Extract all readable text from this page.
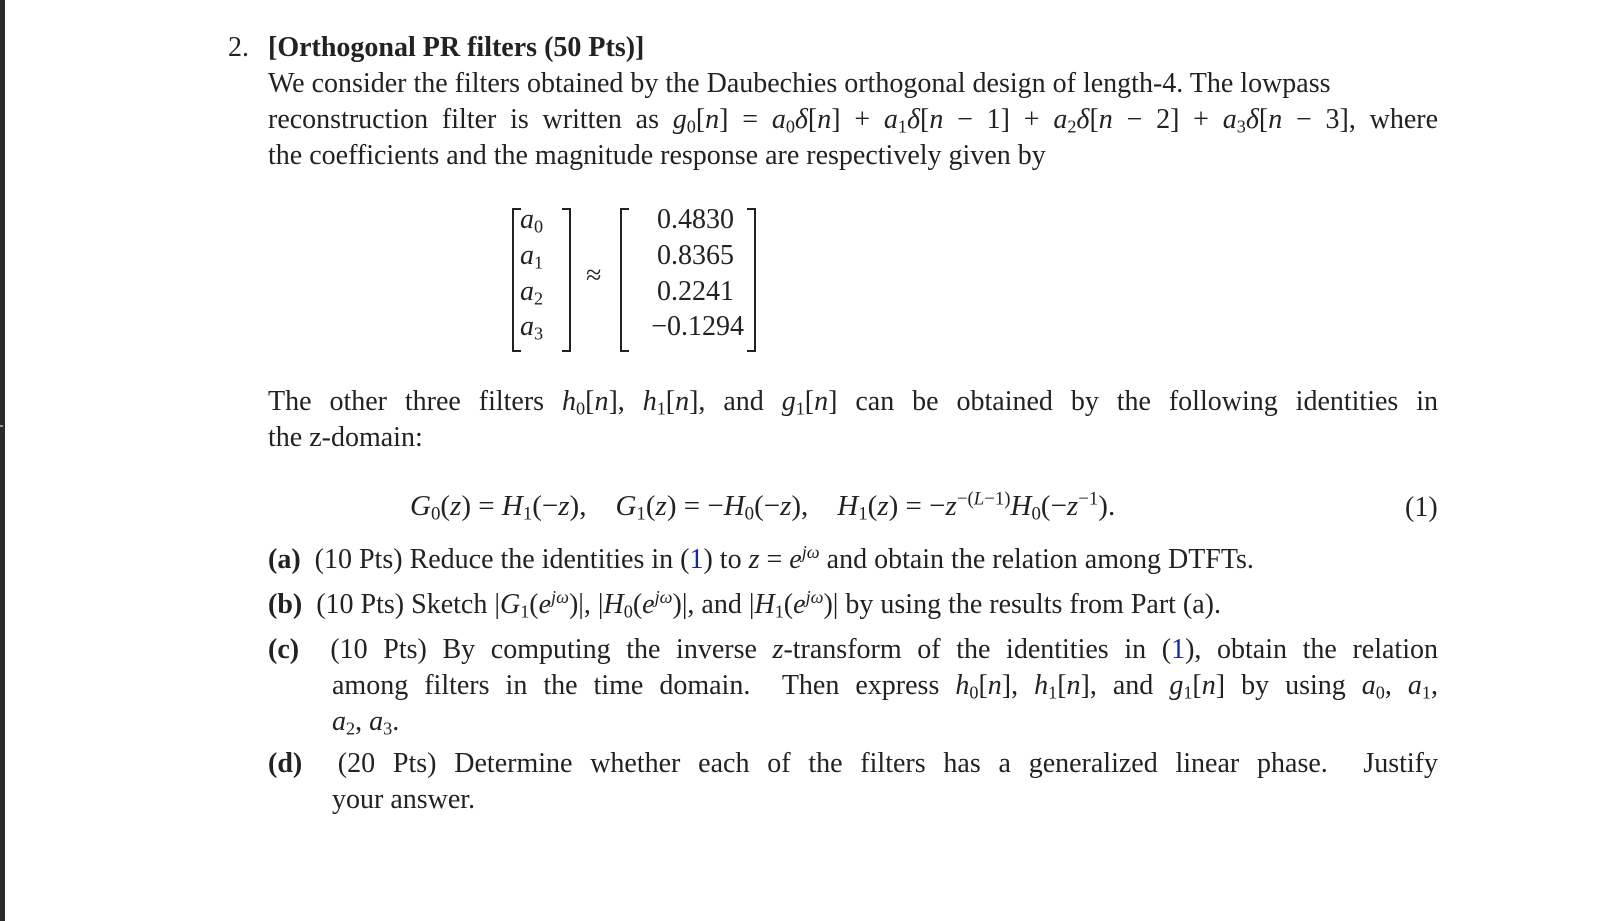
2. [Orthogonal PR filters (50 Pts)]
We consider the filters obtained by the Daubechies orthogonal design of length-4. The lowpass
reconstruction filter is written as $g_0[n] = a_0\delta[n] + a_1\delta[n - 1] + a_2\delta[n - 2] + a_3\delta[n - 3]$, where
the coefficients and the magnitude response are respectively given by
$a_0$
$a_1$
$a_2$
$a_3$
≈
0.4830
0.8365
0.2241
−0.1294
The other three filters $h_0[n]$, $h_1[n]$, and $g_1[n]$ can be obtained by the following identities in
the z-domain:
$G_0(z) = H_1(-z)$,    $G_1(z) = -H_0(-z)$,    $H_1(z) = -z^{-(L-1)}H_0(-z^{-1})$.	(1)
(a) (10 Pts) Reduce the identities in (1) to $z = e^{j\omega}$ and obtain the relation among DTFTs.
(b) (10 Pts) Sketch $|G_1(e^{j\omega})|$, $|H_0(e^{j\omega})|$, and $|H_1(e^{j\omega})|$ by using the results from Part (a).
(c) (10 Pts) By computing the inverse z-transform of the identities in (1), obtain the relation
among filters in the time domain.  Then express $h_0[n]$, $h_1[n]$, and $g_1[n]$ by using $a_0$, $a_1$,
$a_2$, $a_3$.
(d) (20 Pts) Determine whether each of the filters has a generalized linear phase.  Justify
your answer.
